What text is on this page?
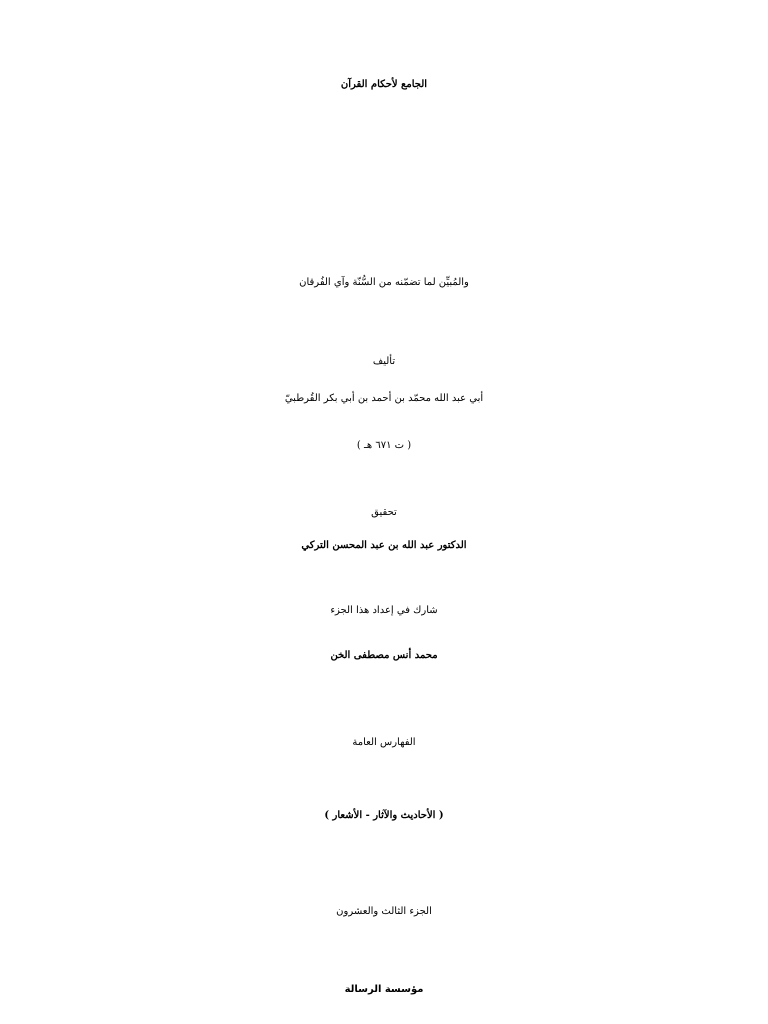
الجامع لأحكام القرآن
والمُبيِّن لما تضمّنه من السُّنّة وآي الفُرقان
تأليف
أبي عبد الله محمّد بن أحمد بن أبي بكر القُرطبيّ
( ت ٦٧١ هـ )
تحقيق
الدكتور عبد الله بن عبد المحسن التركي
شارك في إعداد هذا الجزء
محمد أنس مصطفى الخن
الفهارس العامة
( الأحاديث والآثار - الأشعار )
الجزء الثالث والعشرون
مؤسسة الرسالة
